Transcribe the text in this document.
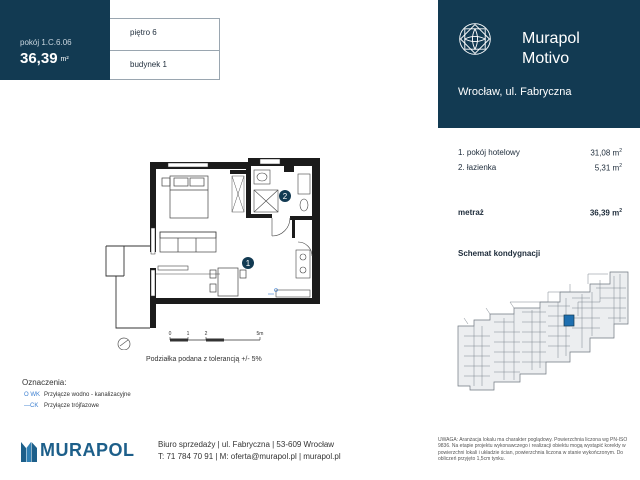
pokój 1.C.6.06
36,39 m²
piętro 6
budynek 1
Murapol
Motivo
Wrocław, ul. Fabryczna
1. pokój hotelowy	31,08 $m^2$
2. łazienka	5,31 $m^2$
metraż	36,39 $m^2$
Schemat kondygnacji
1
2
0	1	2	5m
Podziałka podana z tolerancją +/- 5%
Oznaczenia:
O WK Przyłącze wodno - kanalizacyjne
—CK Przyłącze trójfazowe
MURAPOL	Biuro sprzedaży | ul. Fabryczna | 53-609 Wrocław
T: 71 784 70 91 | M: oferta@murapol.pl | murapol.pl
UWAGA: Aranżacja lokalu ma charakter poglądowy. Powierzchnia liczona wg PN-ISO 9836. Na etapie projektu wykonawczego i realizacji obiektu mogą wystąpić korekty w powierzchni lokali i układzie ścian, powierzchnia liczona w stanie wykończonym. Do obliczeń przyjęto 1,5cm tynku.
